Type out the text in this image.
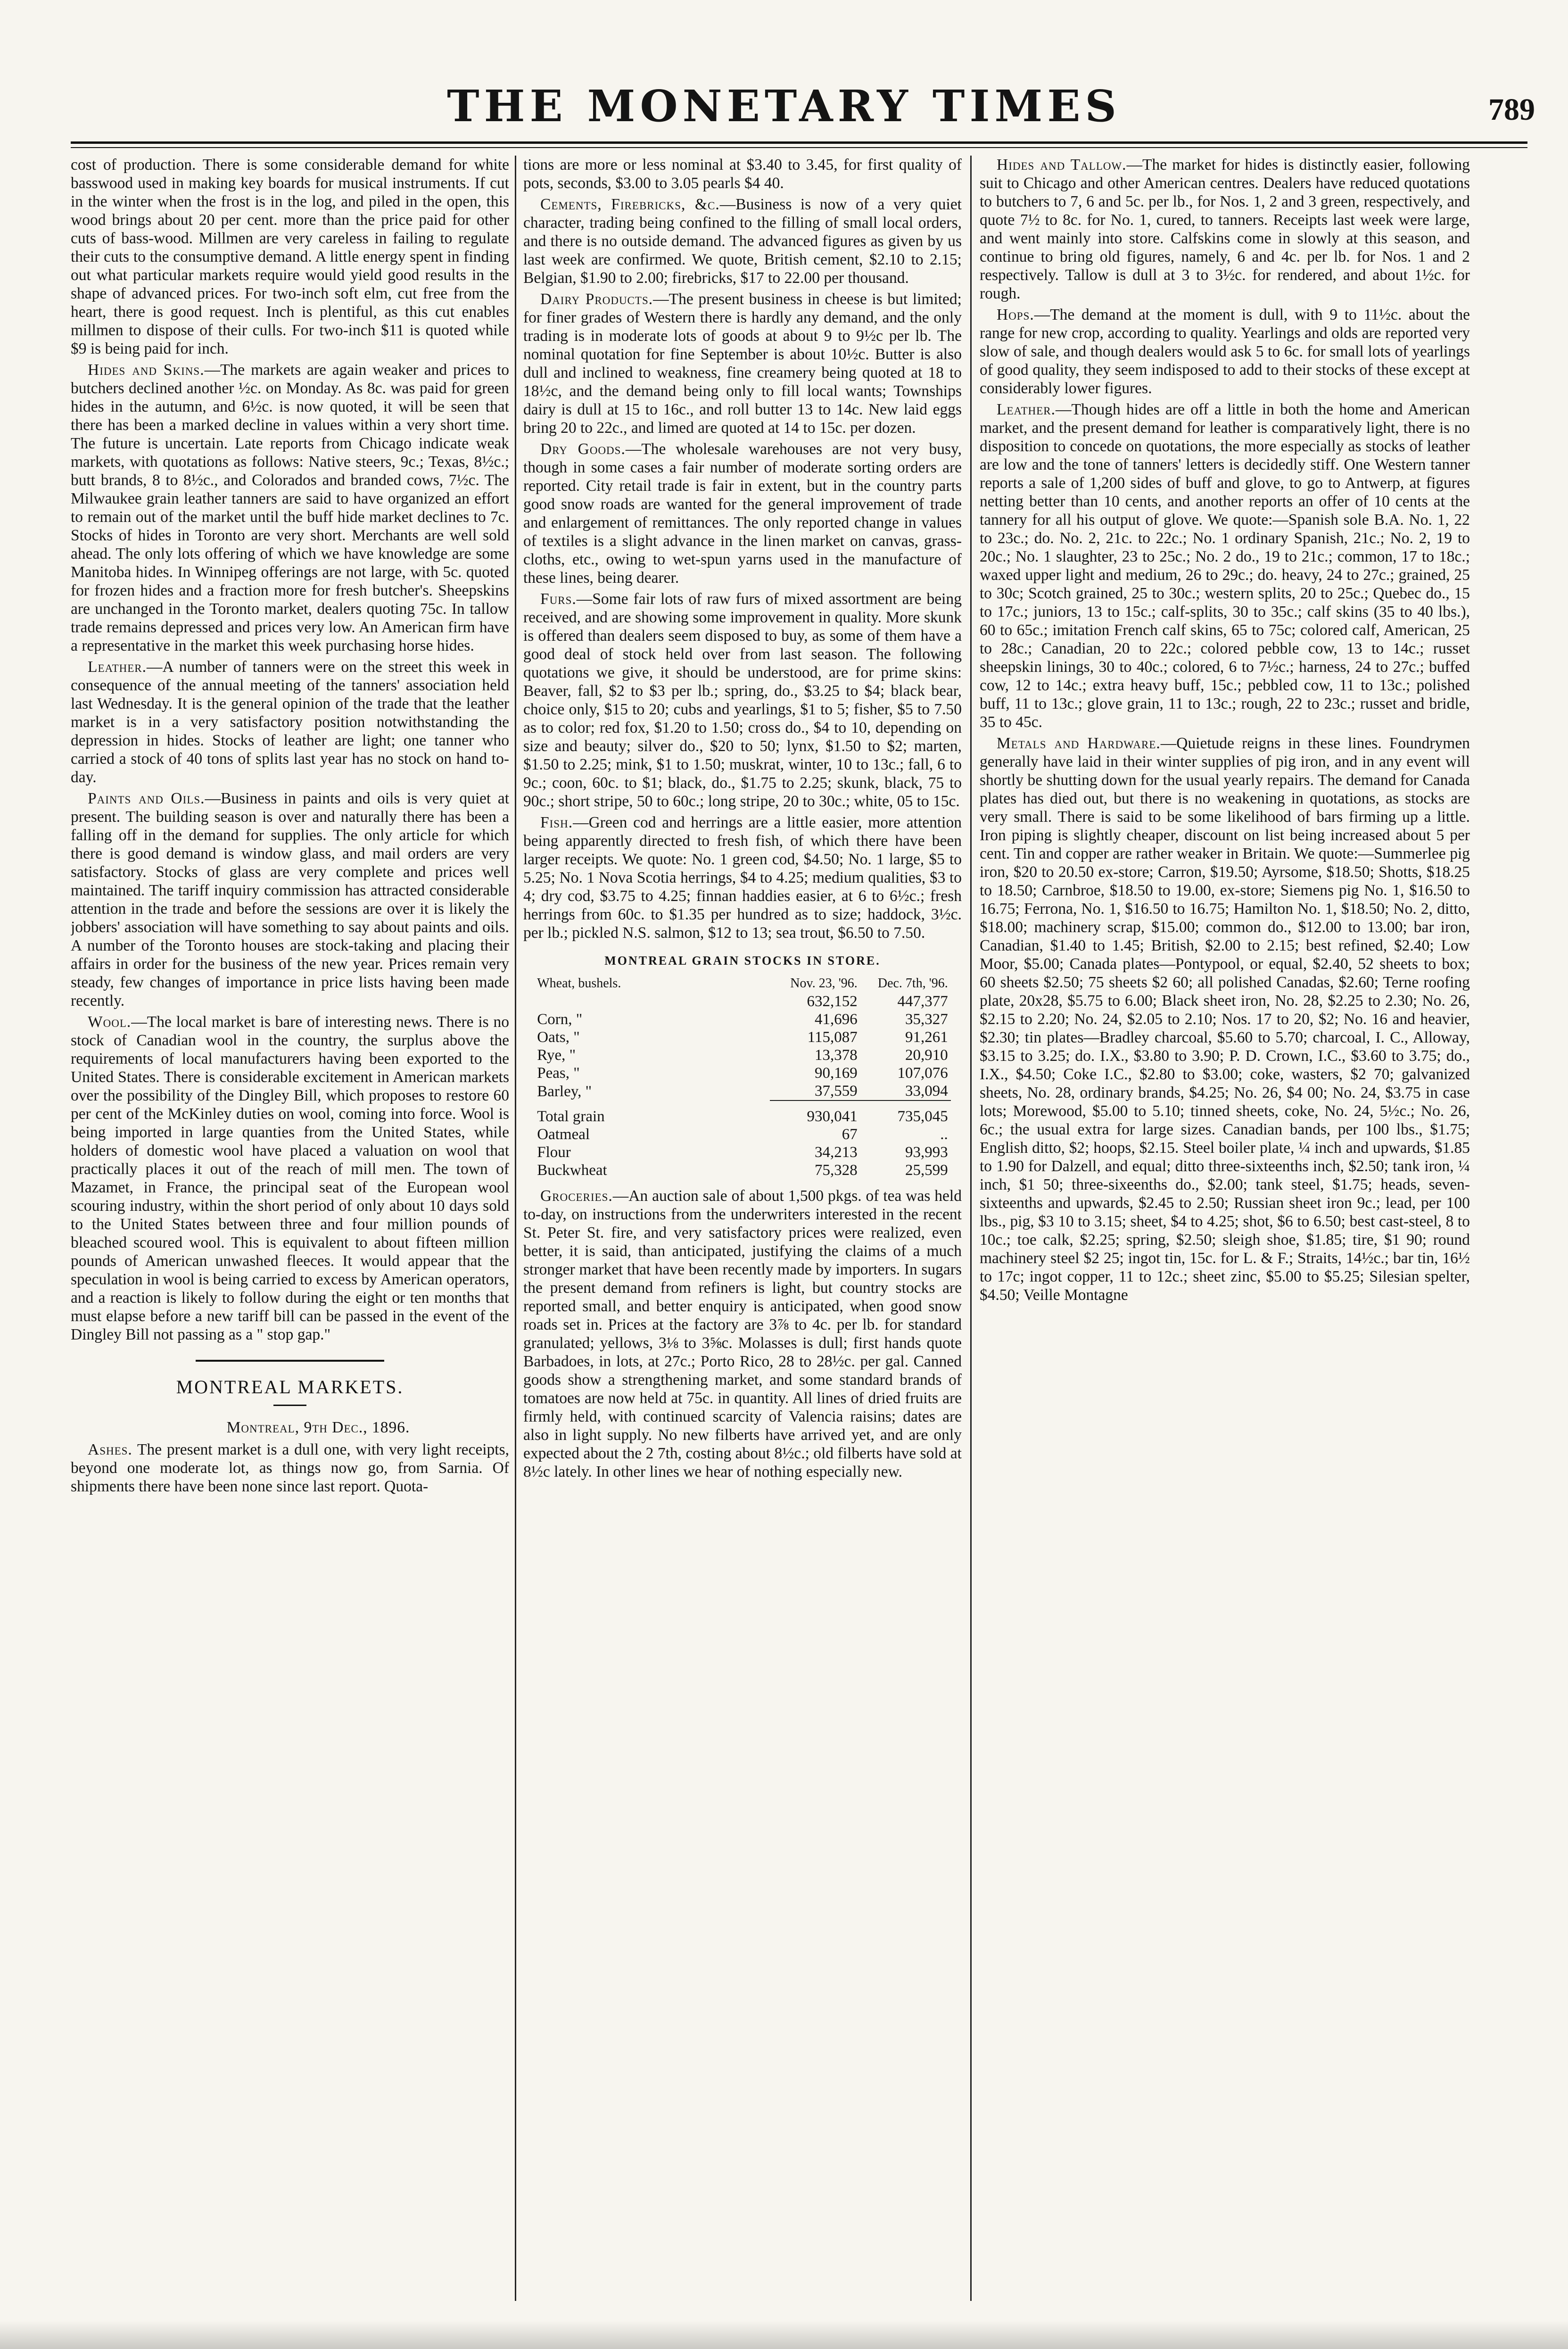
THE MONETARY TIMES	789

cost of production. There is some considerable demand for white basswood used in making key boards for musical instruments. If cut in the winter when the frost is in the log, and piled in the open, this wood brings about 20 per cent. more than the price paid for other cuts of bass-wood. Millmen are very careless in failing to regulate their cuts to the consumptive demand. A little energy spent in finding out what particular markets require would yield good results in the shape of advanced prices. For two-inch soft elm, cut free from the heart, there is good request. Inch is plentiful, as this cut enables millmen to dispose of their culls. For two-inch $11 is quoted while $9 is being paid for inch.

Hides and Skins.—The markets are again weaker and prices to butchers declined another ½c. on Monday. As 8c. was paid for green hides in the autumn, and 6½c. is now quoted, it will be seen that there has been a marked decline in values within a very short time. The future is uncertain. Late reports from Chicago indicate weak markets, with quotations as follows: Native steers, 9c.; Texas, 8½c.; butt brands, 8 to 8½c., and Colorados and branded cows, 7½c. The Milwaukee grain leather tanners are said to have organized an effort to remain out of the market until the buff hide market declines to 7c. Stocks of hides in Toronto are very short. Merchants are well sold ahead. The only lots offering of which we have knowledge are some Manitoba hides. In Winnipeg offerings are not large, with 5c. quoted for frozen hides and a fraction more for fresh butcher's. Sheepskins are unchanged in the Toronto market, dealers quoting 75c. In tallow trade remains depressed and prices very low. An American firm have a representative in the market this week purchasing horse hides.

Leather.—A number of tanners were on the street this week in consequence of the annual meeting of the tanners' association held last Wednesday. It is the general opinion of the trade that the leather market is in a very satisfactory position notwithstanding the depression in hides. Stocks of leather are light; one tanner who carried a stock of 40 tons of splits last year has no stock on hand to-day.

Paints and Oils.—Business in paints and oils is very quiet at present. The building season is over and naturally there has been a falling off in the demand for supplies. The only article for which there is good demand is window glass, and mail orders are very satisfactory. Stocks of glass are very complete and prices well maintained. The tariff inquiry commission has attracted considerable attention in the trade and before the sessions are over it is likely the jobbers' association will have something to say about paints and oils. A number of the Toronto houses are stock-taking and placing their affairs in order for the business of the new year. Prices remain very steady, few changes of importance in price lists having been made recently.

Wool.—The local market is bare of interesting news. There is no stock of Canadian wool in the country, the surplus above the requirements of local manufacturers having been exported to the United States. There is considerable excitement in American markets over the possibility of the Dingley Bill, which proposes to restore 60 per cent of the McKinley duties on wool, coming into force. Wool is being imported in large quanties from the United States, while holders of domestic wool have placed a valuation on wool that practically places it out of the reach of mill men. The town of Mazamet, in France, the principal seat of the European wool scouring industry, within the short period of only about 10 days sold to the United States between three and four million pounds of bleached scoured wool. This is equivalent to about fifteen million pounds of American unwashed fleeces. It would appear that the speculation in wool is being carried to excess by American operators, and a reaction is likely to follow during the eight or ten months that must elapse before a new tariff bill can be passed in the event of the Dingley Bill not passing as a " stop gap."

MONTREAL MARKETS.
Montreal, 9th Dec., 1896.

Ashes. The present market is a dull one, with very light receipts, beyond one moderate lot, as things now go, from Sarnia. Of shipments there have been none since last report. Quota-

tions are more or less nominal at $3.40 to 3.45, for first quality of pots, seconds, $3.00 to 3.05 pearls $4 40.

Cements, Firebricks, &c.—Business is now of a very quiet character, trading being confined to the filling of small local orders, and there is no outside demand. The advanced figures as given by us last week are confirmed. We quote, British cement, $2.10 to 2.15; Belgian, $1.90 to 2.00; firebricks, $17 to 22.00 per thousand.

Dairy Products.—The present business in cheese is but limited; for finer grades of Western there is hardly any demand, and the only trading is in moderate lots of goods at about 9 to 9½c per lb. The nominal quotation for fine September is about 10½c. Butter is also dull and inclined to weakness, fine creamery being quoted at 18 to 18½c, and the demand being only to fill local wants; Townships dairy is dull at 15 to 16c., and roll butter 13 to 14c. New laid eggs bring 20 to 22c., and limed are quoted at 14 to 15c. per dozen.

Dry Goods.—The wholesale warehouses are not very busy, though in some cases a fair number of moderate sorting orders are reported. City retail trade is fair in extent, but in the country parts good snow roads are wanted for the general improvement of trade and enlargement of remittances. The only reported change in values of textiles is a slight advance in the linen market on canvas, grass-cloths, etc., owing to wet-spun yarns used in the manufacture of these lines, being dearer.

Furs.—Some fair lots of raw furs of mixed assortment are being received, and are showing some improvement in quality. More skunk is offered than dealers seem disposed to buy, as some of them have a good deal of stock held over from last season. The following quotations we give, it should be understood, are for prime skins: Beaver, fall, $2 to $3 per lb.; spring, do., $3.25 to $4; black bear, choice only, $15 to 20; cubs and yearlings, $1 to 5; fisher, $5 to 7.50 as to color; red fox, $1.20 to 1.50; cross do., $4 to 10, depending on size and beauty; silver do., $20 to 50; lynx, $1.50 to $2; marten, $1.50 to 2.25; mink, $1 to 1.50; muskrat, winter, 10 to 13c.; fall, 6 to 9c.; coon, 60c. to $1; black, do., $1.75 to 2.25; skunk, black, 75 to 90c.; short stripe, 50 to 60c.; long stripe, 20 to 30c.; white, 05 to 15c.

Fish.—Green cod and herrings are a little easier, more attention being apparently directed to fresh fish, of which there have been larger receipts. We quote: No. 1 green cod, $4.50; No. 1 large, $5 to 5.25; No. 1 Nova Scotia herrings, $4 to 4.25; medium qualities, $3 to 4; dry cod, $3.75 to 4.25; finnan haddies easier, at 6 to 6½c.; fresh herrings from 60c. to $1.35 per hundred as to size; haddock, 3½c. per lb.; pickled N.S. salmon, $12 to 13; sea trout, $6.50 to 7.50.

MONTREAL GRAIN STOCKS IN STORE.
Wheat, bushels.	Nov. 23, '96.	Dec. 7th, '96.
	632,152	447,377
Corn, "	41,696	35,327
Oats, "	115,087	91,261
Rye, "	13,378	20,910
Peas, "	90,169	107,076
Barley, "	37,559	33,094
Total grain	930,041	735,045
Oatmeal	67	..
Flour	34,213	93,993
Buckwheat	75,328	25,599

Groceries.—An auction sale of about 1,500 pkgs. of tea was held to-day, on instructions from the underwriters interested in the recent St. Peter St. fire, and very satisfactory prices were realized, even better, it is said, than anticipated, justifying the claims of a much stronger market that have been recently made by importers. In sugars the present demand from refiners is light, but country stocks are reported small, and better enquiry is anticipated, when good snow roads set in. Prices at the factory are 3⅞ to 4c. per lb. for standard granulated; yellows, 3⅛ to 3⅝c. Molasses is dull; first hands quote Barbadoes, in lots, at 27c.; Porto Rico, 28 to 28½c. per gal. Canned goods show a strengthening market, and some standard brands of tomatoes are now held at 75c. in quantity. All lines of dried fruits are firmly held, with continued scarcity of Valencia raisins; dates are also in light supply. No new filberts have arrived yet, and are only expected about the 2 7th, costing about 8½c.; old filberts have sold at 8½c lately. In other lines we hear of nothing especially new.

Hides and Tallow.—The market for hides is distinctly easier, following suit to Chicago and other American centres. Dealers have reduced quotations to butchers to 7, 6 and 5c. per lb., for Nos. 1, 2 and 3 green, respectively, and quote 7½ to 8c. for No. 1, cured, to tanners. Receipts last week were large, and went mainly into store. Calfskins come in slowly at this season, and continue to bring old figures, namely, 6 and 4c. per lb. for Nos. 1 and 2 respectively. Tallow is dull at 3 to 3½c. for rendered, and about 1½c. for rough.

Hops.—The demand at the moment is dull, with 9 to 11½c. about the range for new crop, according to quality. Yearlings and olds are reported very slow of sale, and though dealers would ask 5 to 6c. for small lots of yearlings of good quality, they seem indisposed to add to their stocks of these except at considerably lower figures.

Leather.—Though hides are off a little in both the home and American market, and the present demand for leather is comparatively light, there is no disposition to concede on quotations, the more especially as stocks of leather are low and the tone of tanners' letters is decidedly stiff. One Western tanner reports a sale of 1,200 sides of buff and glove, to go to Antwerp, at figures netting better than 10 cents, and another reports an offer of 10 cents at the tannery for all his output of glove. We quote:—Spanish sole B.A. No. 1, 22 to 23c.; do. No. 2, 21c. to 22c.; No. 1 ordinary Spanish, 21c.; No. 2, 19 to 20c.; No. 1 slaughter, 23 to 25c.; No. 2 do., 19 to 21c.; common, 17 to 18c.; waxed upper light and medium, 26 to 29c.; do. heavy, 24 to 27c.; grained, 25 to 30c; Scotch grained, 25 to 30c.; western splits, 20 to 25c.; Quebec do., 15 to 17c.; juniors, 13 to 15c.; calf-splits, 30 to 35c.; calf skins (35 to 40 lbs.), 60 to 65c.; imitation French calf skins, 65 to 75c; colored calf, American, 25 to 28c.; Canadian, 20 to 22c.; colored pebble cow, 13 to 14c.; russet sheepskin linings, 30 to 40c.; colored, 6 to 7½c.; harness, 24 to 27c.; buffed cow, 12 to 14c.; extra heavy buff, 15c.; pebbled cow, 11 to 13c.; polished buff, 11 to 13c.; glove grain, 11 to 13c.; rough, 22 to 23c.; russet and bridle, 35 to 45c.

Metals and Hardware.—Quietude reigns in these lines. Foundrymen generally have laid in their winter supplies of pig iron, and in any event will shortly be shutting down for the usual yearly repairs. The demand for Canada plates has died out, but there is no weakening in quotations, as stocks are very small. There is said to be some likelihood of bars firming up a little. Iron piping is slightly cheaper, discount on list being increased about 5 per cent. Tin and copper are rather weaker in Britain. We quote:—Summerlee pig iron, $20 to 20.50 ex-store; Carron, $19.50; Ayrsome, $18.50; Shotts, $18.25 to 18.50; Carnbroe, $18.50 to 19.00, ex-store; Siemens pig No. 1, $16.50 to 16.75; Ferrona, No. 1, $16.50 to 16.75; Hamilton No. 1, $18.50; No. 2, ditto, $18.00; machinery scrap, $15.00; common do., $12.00 to 13.00; bar iron, Canadian, $1.40 to 1.45; British, $2.00 to 2.15; best refined, $2.40; Low Moor, $5.00; Canada plates—Pontypool, or equal, $2.40, 52 sheets to box; 60 sheets $2.50; 75 sheets $2 60; all polished Canadas, $2.60; Terne roofing plate, 20x28, $5.75 to 6.00; Black sheet iron, No. 28, $2.25 to 2.30; No. 26, $2.15 to 2.20; No. 24, $2.05 to 2.10; Nos. 17 to 20, $2; No. 16 and heavier, $2.30; tin plates—Bradley charcoal, $5.60 to 5.70; charcoal, I. C., Alloway, $3.15 to 3.25; do. I.X., $3.80 to 3.90; P. D. Crown, I.C., $3.60 to 3.75; do., I.X., $4.50; Coke I.C., $2.80 to $3.00; coke, wasters, $2 70; galvanized sheets, No. 28, ordinary brands, $4.25; No. 26, $4 00; No. 24, $3.75 in case lots; Morewood, $5.00 to 5.10; tinned sheets, coke, No. 24, 5½c.; No. 26, 6c.; the usual extra for large sizes. Canadian bands, per 100 lbs., $1.75; English ditto, $2; hoops, $2.15. Steel boiler plate, ¼ inch and upwards, $1.85 to 1.90 for Dalzell, and equal; ditto three-sixteenths inch, $2.50; tank iron, ¼ inch, $1 50; three-sixeenths do., $2.00; tank steel, $1.75; heads, seven-sixteenths and upwards, $2.45 to 2.50; Russian sheet iron 9c.; lead, per 100 lbs., pig, $3 10 to 3.15; sheet, $4 to 4.25; shot, $6 to 6.50; best cast-steel, 8 to 10c.; toe calk, $2.25; spring, $2.50; sleigh shoe, $1.85; tire, $1 90; round machinery steel $2 25; ingot tin, 15c. for L. & F.; Straits, 14½c.; bar tin, 16½ to 17c; ingot copper, 11 to 12c.; sheet zinc, $5.00 to $5.25; Silesian spelter, $4.50; Veille Montagne
